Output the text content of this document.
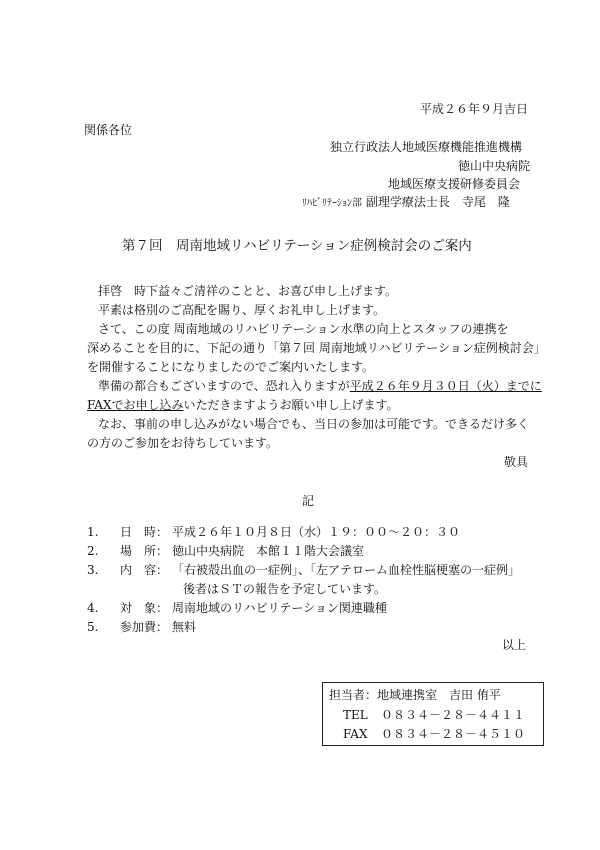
平成２６年９月吉日
関係各位
独立行政法人地域医療機能推進機構
徳山中央病院
地域医療支援研修委員会
ﾘﾊﾋﾞﾘﾃｰｼｮﾝ部 副理学療法士長　寺尾　隆
第７回　周南地域リハビリテーション症例検討会のご案内
拝啓　時下益々ご清祥のことと、お喜び申し上げます。
平素は格別のご高配を賜り、厚くお礼申し上げます。
さて、この度 周南地域のリハビリテーション水準の向上とスタッフの連携を
深めることを目的に、下記の通り「第７回 周南地域リハビリテーション症例検討会」
を開催することになりましたのでご案内いたします。
準備の都合もございますので、恐れ入りますが平成２６年９月３０日（火）までに
FAXでお申し込みいただきますようお願い申し上げます。
なお、事前の申し込みがない場合でも、当日の参加は可能です。できるだけ多く
の方のご参加をお待ちしています。
敬具
記
1. 日　時： 平成２６年１０月８日（水）１９：００～２０：３０
2. 場　所： 徳山中央病院　本館１１階大会議室
3. 内　容： 「右被殻出血の一症例」、「左アテローム血栓性脳梗塞の一症例」
後者はＳＴの報告を予定しています。
4. 対　象： 周南地域のリハビリテーション関連職種
5. 参加費： 無料
以上
担当者：地域連携室　吉田 侑平
TEL ０８３４－２８－４４１１
FAX ０８３４－２８－４５１０
